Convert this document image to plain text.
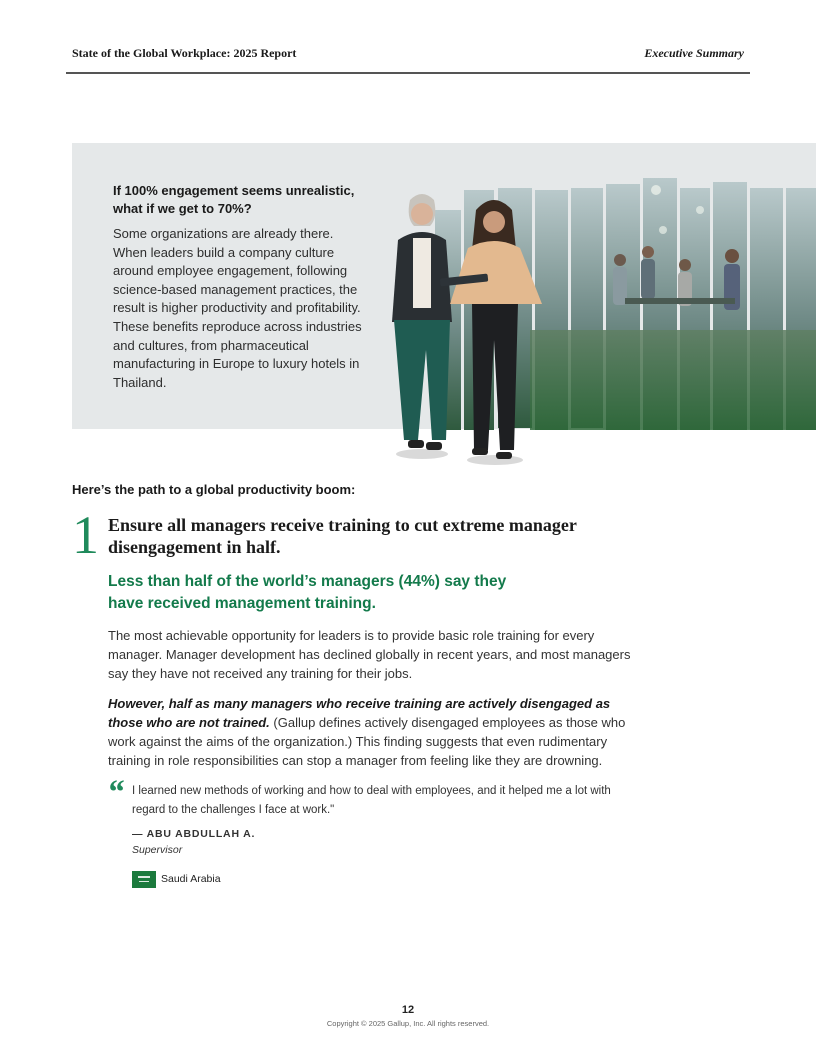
State of the Global Workplace: 2025 Report	Executive Summary
If 100% engagement seems unrealistic, what if we get to 70%?
Some organizations are already there. When leaders build a company culture around employee engagement, following science-based management practices, the result is higher productivity and profitability. These benefits reproduce across industries and cultures, from pharmaceutical manufacturing in Europe to luxury hotels in Thailand.
Here’s the path to a global productivity boom:
1 Ensure all managers receive training to cut extreme manager disengagement in half.
Less than half of the world’s managers (44%) say they have received management training.
The most achievable opportunity for leaders is to provide basic role training for every manager. Manager development has declined globally in recent years, and most managers say they have not received any training for their jobs.
However, half as many managers who receive training are actively disengaged as those who are not trained. (Gallup defines actively disengaged employees as those who work against the aims of the organization.) This finding suggests that even rudimentary training in role responsibilities can stop a manager from feeling like they are drowning.
“ I learned new methods of working and how to deal with employees, and it helped me a lot with regard to the challenges I face at work."
— ABU ABDULLAH A.
Supervisor
Saudi Arabia
12
Copyright © 2025 Gallup, Inc. All rights reserved.
